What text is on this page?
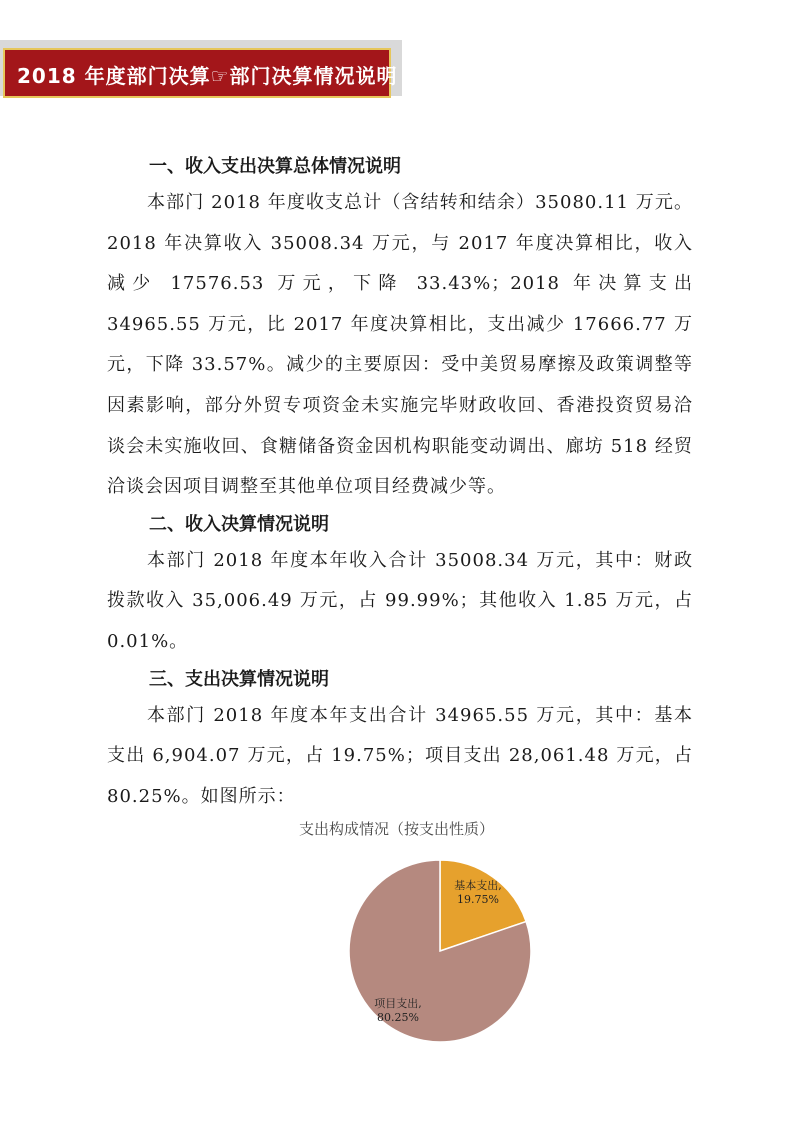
2018 年度部门决算☞部门决算情况说明
一、收入支出决算总体情况说明

本部门 2018 年度收支总计（含结转和结余）35080.11 万元。2018 年决算收入 35008.34 万元，与 2017 年度决算相比，收入减少 17576.53 万元，下降 33.43%；2018 年决算支出 34965.55 万元，比 2017 年度决算相比，支出减少 17666.77 万元，下降 33.57%。减少的主要原因：受中美贸易摩擦及政策调整等因素影响，部分外贸专项资金未实施完毕财政收回、香港投资贸易洽谈会未实施收回、食糖储备资金因机构职能变动调出、廊坊 518 经贸洽谈会因项目调整至其他单位项目经费减少等。

二、收入决算情况说明

本部门 2018 年度本年收入合计 35008.34 万元，其中：财政拨款收入 35,006.49 万元，占 99.99%；其他收入 1.85 万元，占 0.01%。

三、支出决算情况说明

本部门 2018 年度本年支出合计 34965.55 万元，其中：基本支出 6,904.07 万元，占 19.75%；项目支出 28,061.48 万元，占 80.25%。如图所示：

支出构成情况（按支出性质）
基本支出,
19.75%
项目支出,
80.25%
